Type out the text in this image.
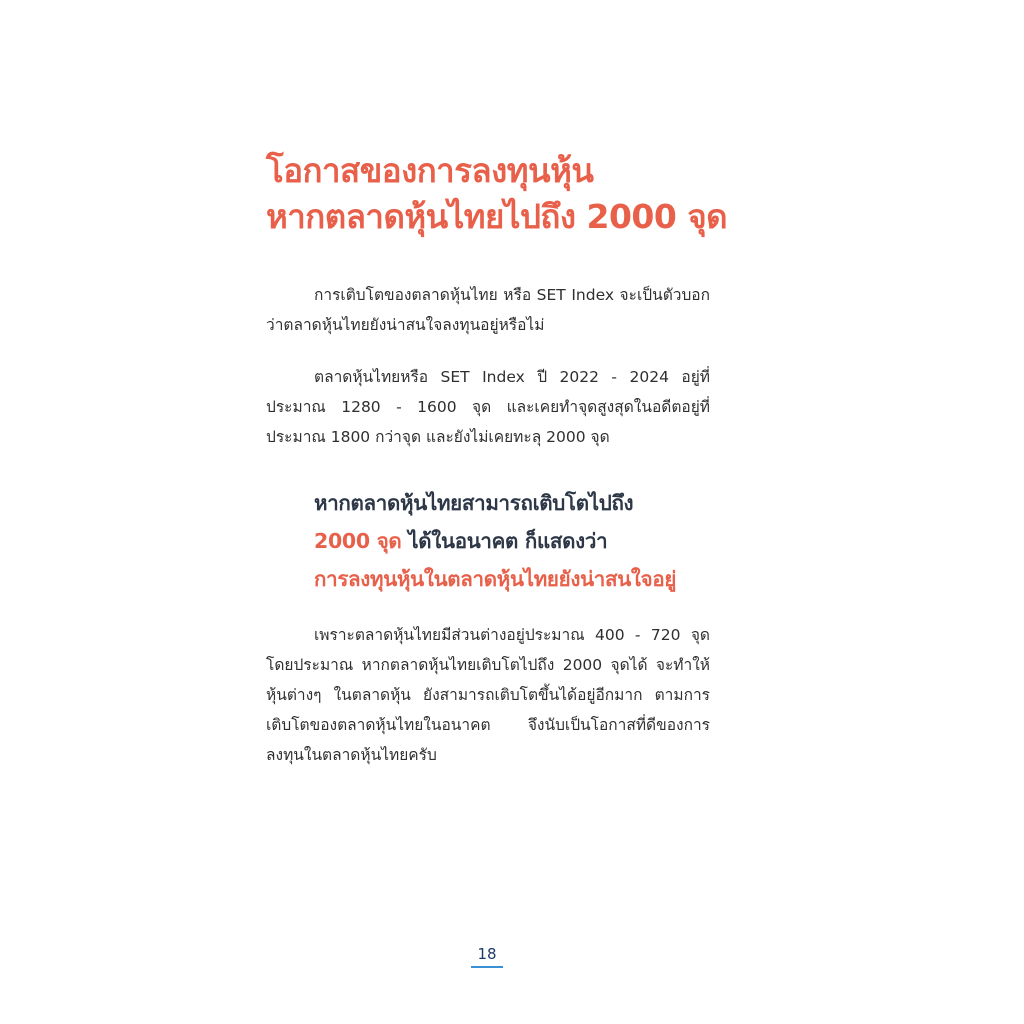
โอกาสของการลงทุนหุ้น
หากตลาดหุ้นไทยไปถึง 2000 จุด

การเติบโตของตลาดหุ้นไทย หรือ SET Index จะเป็นตัวบอกว่าตลาดหุ้นไทยยังน่าสนใจลงทุนอยู่หรือไม่

ตลาดหุ้นไทยหรือ SET Index ปี 2022 - 2024 อยู่ที่ประมาณ 1280 - 1600 จุด และเคยทำจุดสูงสุดในอดีตอยู่ที่ประมาณ 1800 กว่าจุด และยังไม่เคยทะลุ 2000 จุด

หากตลาดหุ้นไทยสามารถเติบโตไปถึง
2000 จุด ได้ในอนาคต ก็แสดงว่า
การลงทุนหุ้นในตลาดหุ้นไทยยังน่าสนใจอยู่

เพราะตลาดหุ้นไทยมีส่วนต่างอยู่ประมาณ 400 - 720 จุด โดยประมาณ หากตลาดหุ้นไทยเติบโตไปถึง 2000 จุดได้ จะทำให้หุ้นต่างๆ ในตลาดหุ้น ยังสามารถเติบโตขึ้นได้อยู่อีกมาก ตามการเติบโตของตลาดหุ้นไทยในอนาคต จึงนับเป็นโอกาสที่ดีของการลงทุนในตลาดหุ้นไทยครับ

18
